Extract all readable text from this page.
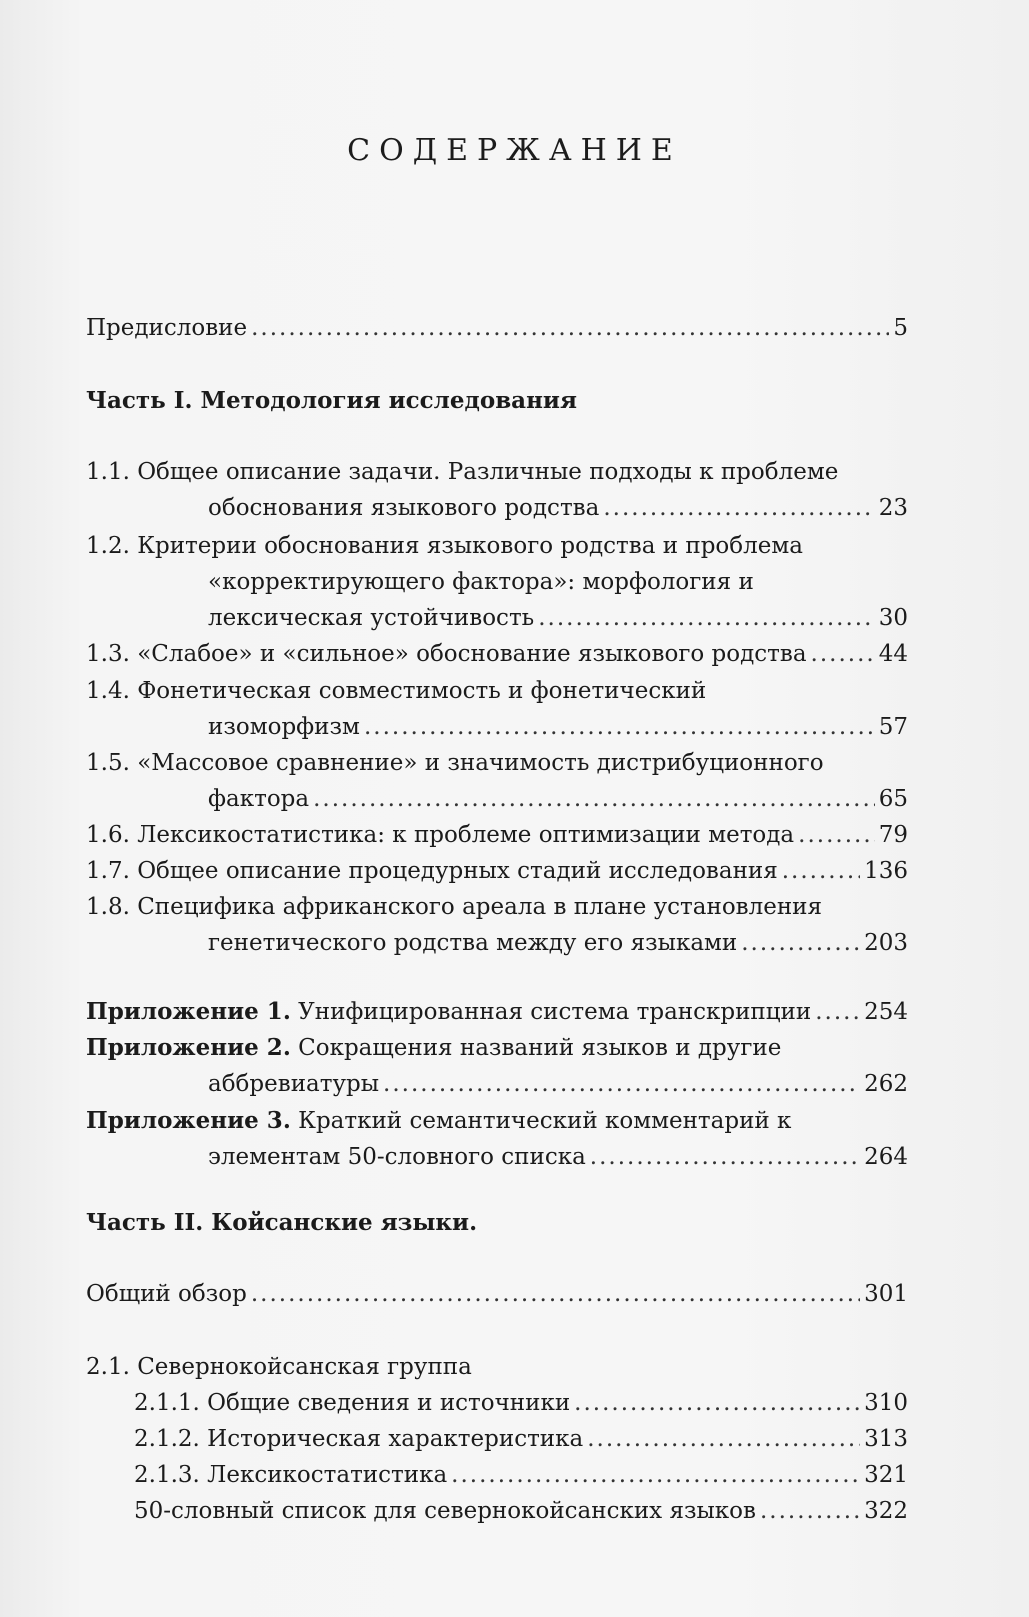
СОДЕРЖАНИЕ
Предисловие .....	5
Часть I. Методология исследования
1.1. Общее описание задачи. Различные подходы к проблеме
обоснования языкового родства .....	23
1.2. Критерии обоснования языкового родства и проблема
«корректирующего фактора»: морфология и
лексическая устойчивость .....	30
1.3. «Слабое» и «сильное» обоснование языкового родства .....	44
1.4. Фонетическая совместимость и фонетический
изоморфизм .....	57
1.5. «Массовое сравнение» и значимость дистрибуционного
фактора .....	65
1.6. Лексикостатистика: к проблеме оптимизации метода .....	79
1.7. Общее описание процедурных стадий исследования .....	136
1.8. Специфика африканского ареала в плане установления
генетического родства между его языками .....	203
Приложение 1. Унифицированная система транскрипции ..... 254
Приложение 2. Сокращения названий языков и другие
аббревиатуры .....	262
Приложение 3. Краткий семантический комментарий к
элементам 50-словного списка .....	264
Часть II. Койсанские языки.
Общий обзор .....	301
2.1. Севернокойсанская группа
2.1.1. Общие сведения и источники .....	310
2.1.2. Историческая характеристика .....	313
2.1.3. Лексикостатистика .....	321
50-словный список для севернокойсанских языков .....	322
